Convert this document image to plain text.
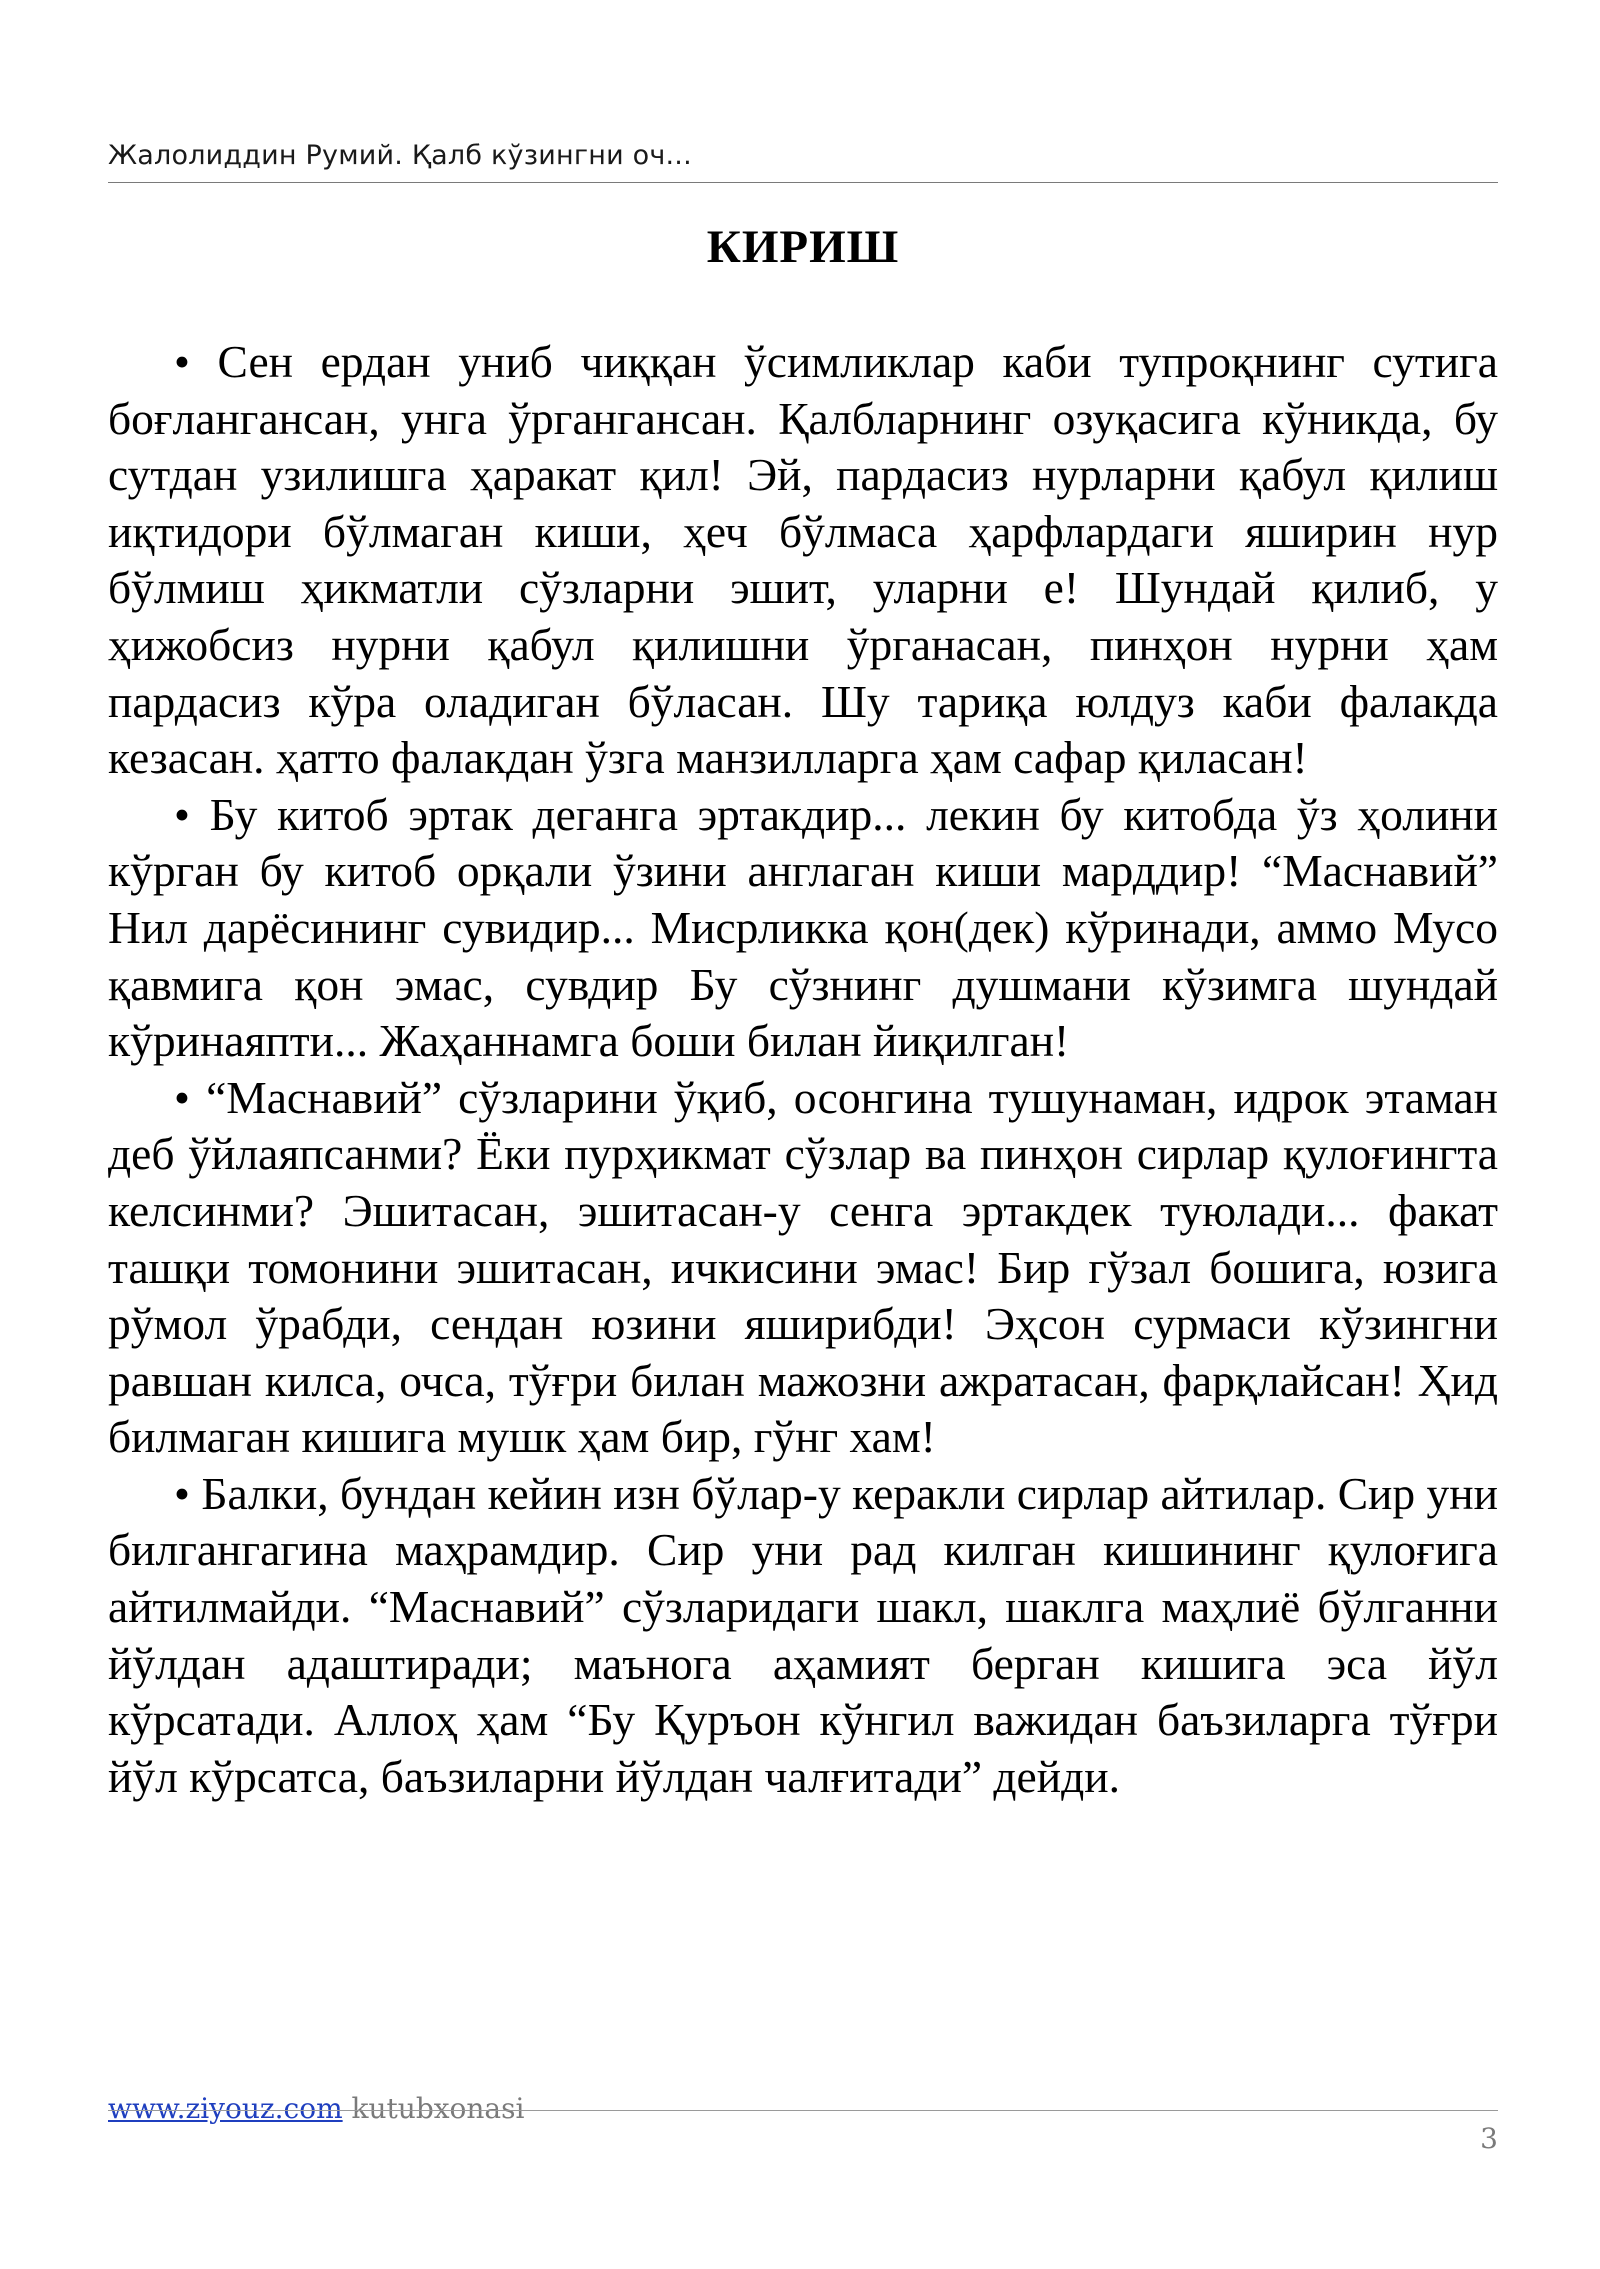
Жалолиддин Румий. Қалб кўзингни оч...
КИРИШ

• Сен ердан униб чиққан ўсимликлар каби тупроқнинг сутига боғлангансан, унга ўргангансан. Қалбларнинг озуқасига кўникда, бу сутдан узилишга ҳаракат қил! Эй, пардасиз нурларни қабул қилиш иқтидори бўлмаган киши, ҳеч бўлмаса ҳарфлардаги яширин нур бўлмиш ҳикматли сўзларни эшит, уларни е! Шундай қилиб, у ҳижобсиз нурни қабул қилишни ўрганасан, пинҳон нурни ҳам пардасиз кўра оладиган бўласан. Шу тариқа юлдуз каби фалакда кезасан. ҳатто фалакдан ўзга манзилларга ҳам сафар қиласан!

• Бу китоб эртак деганга эртакдир... лекин бу китобда ўз ҳолини кўрган бу китоб орқали ўзини англаган киши марддир! “Маснавий” Нил дарёсининг сувидир... Мисрликка қон(дек) кўринади, аммо Мусо қавмига қон эмас, сувдир Бу сўзнинг душмани кўзимга шундай кўринаяпти... Жаҳаннамга боши билан йиқилган!

• “Маснавий” сўзларини ўқиб, осонгина тушунаман, идрок этаман деб ўйлаяпсанми? Ёки пурҳикмат сўзлар ва пинҳон сирлар қулоғингта келсинми? Эшитасан, эшитасан-у сенга эртакдек туюлади... факат ташқи томонини эшитасан, ичкисини эмас! Бир гўзал бошига, юзига рўмол ўрабди, сендан юзини яширибди! Эҳсон сурмаси кўзингни равшан килса, очса, тўғри билан мажозни ажратасан, фарқлайсан! Ҳид билмаган кишига мушк ҳам бир, гўнг хам!

• Балки, бундан кейин изн бўлар-у керакли сирлар айтилар. Сир уни билгангагина маҳрамдир. Сир уни рад килган кишининг қулоғига айтилмайди. “Маснавий” сўзларидаги шакл, шаклга маҳлиё бўлганни йўлдан адаштиради; маънога аҳамият берган кишига эса йўл кўрсатади. Аллоҳ ҳам “Бу Қуръон кўнгил важидан баъзиларга тўғри йўл кўрсатса, баъзиларни йўлдан чалғитади” дейди.

www.ziyouz.com kutubxonasi
3
